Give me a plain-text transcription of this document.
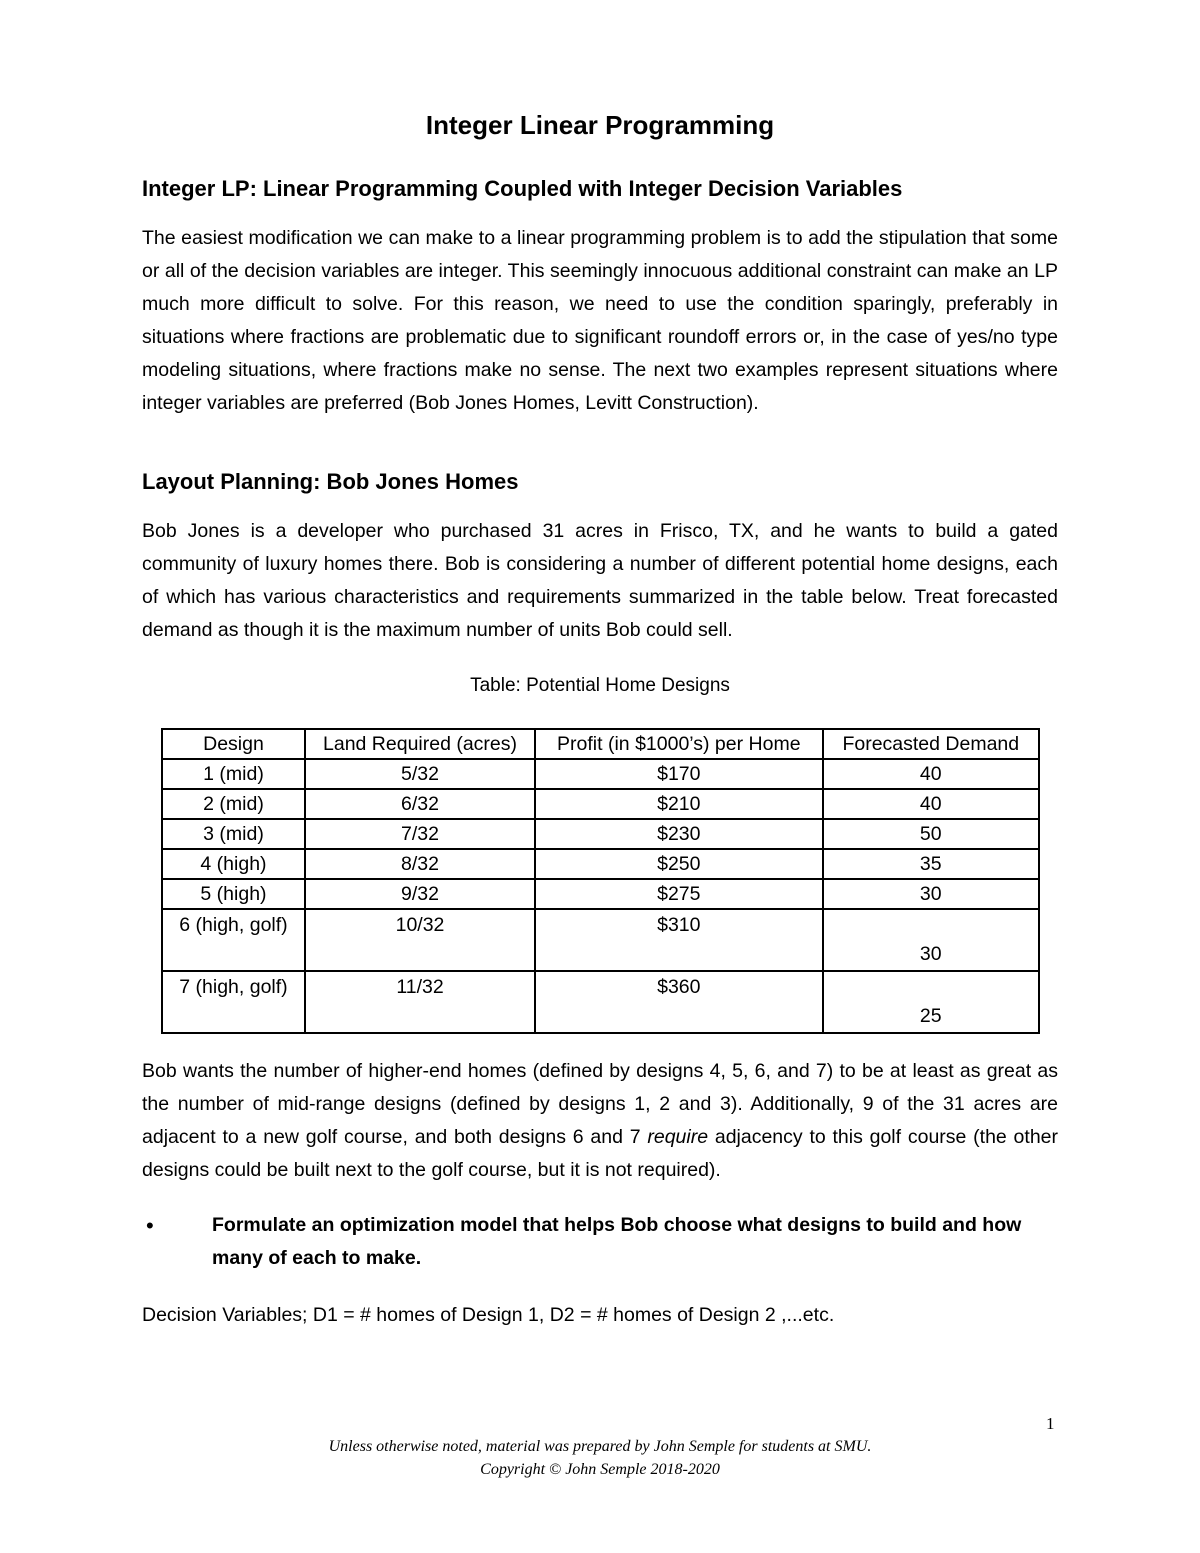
Integer Linear Programming
Integer LP: Linear Programming Coupled with Integer Decision Variables
The easiest modification we can make to a linear programming problem is to add the stipulation that some or all of the decision variables are integer. This seemingly innocuous additional constraint can make an LP much more difficult to solve. For this reason, we need to use the condition sparingly, preferably in situations where fractions are problematic due to significant roundoff errors or, in the case of yes/no type modeling situations, where fractions make no sense. The next two examples represent situations where integer variables are preferred (Bob Jones Homes, Levitt Construction).
Layout Planning: Bob Jones Homes
Bob Jones is a developer who purchased 31 acres in Frisco, TX, and he wants to build a gated community of luxury homes there. Bob is considering a number of different potential home designs, each of which has various characteristics and requirements summarized in the table below. Treat forecasted demand as though it is the maximum number of units Bob could sell.
Table: Potential Home Designs
Design	Land Required (acres)	Profit (in $1000’s) per Home	Forecasted Demand
1 (mid)	5/32	$170	40
2 (mid)	6/32	$210	40
3 (mid)	7/32	$230	50
4 (high)	8/32	$250	35
5 (high)	9/32	$275	30
6 (high, golf)	10/32	$310	30
7 (high, golf)	11/32	$360	25
Bob wants the number of higher-end homes (defined by designs 4, 5, 6, and 7) to be at least as great as the number of mid-range designs (defined by designs 1, 2 and 3). Additionally, 9 of the 31 acres are adjacent to a new golf course, and both designs 6 and 7 require adjacency to this golf course (the other designs could be built next to the golf course, but it is not required).
•	Formulate an optimization model that helps Bob choose what designs to build and how many of each to make.
Decision Variables; D1 = # homes of Design 1, D2 = # homes of Design 2 ,...etc.
1
Unless otherwise noted, material was prepared by John Semple for students at SMU.
Copyright © John Semple 2018-2020
